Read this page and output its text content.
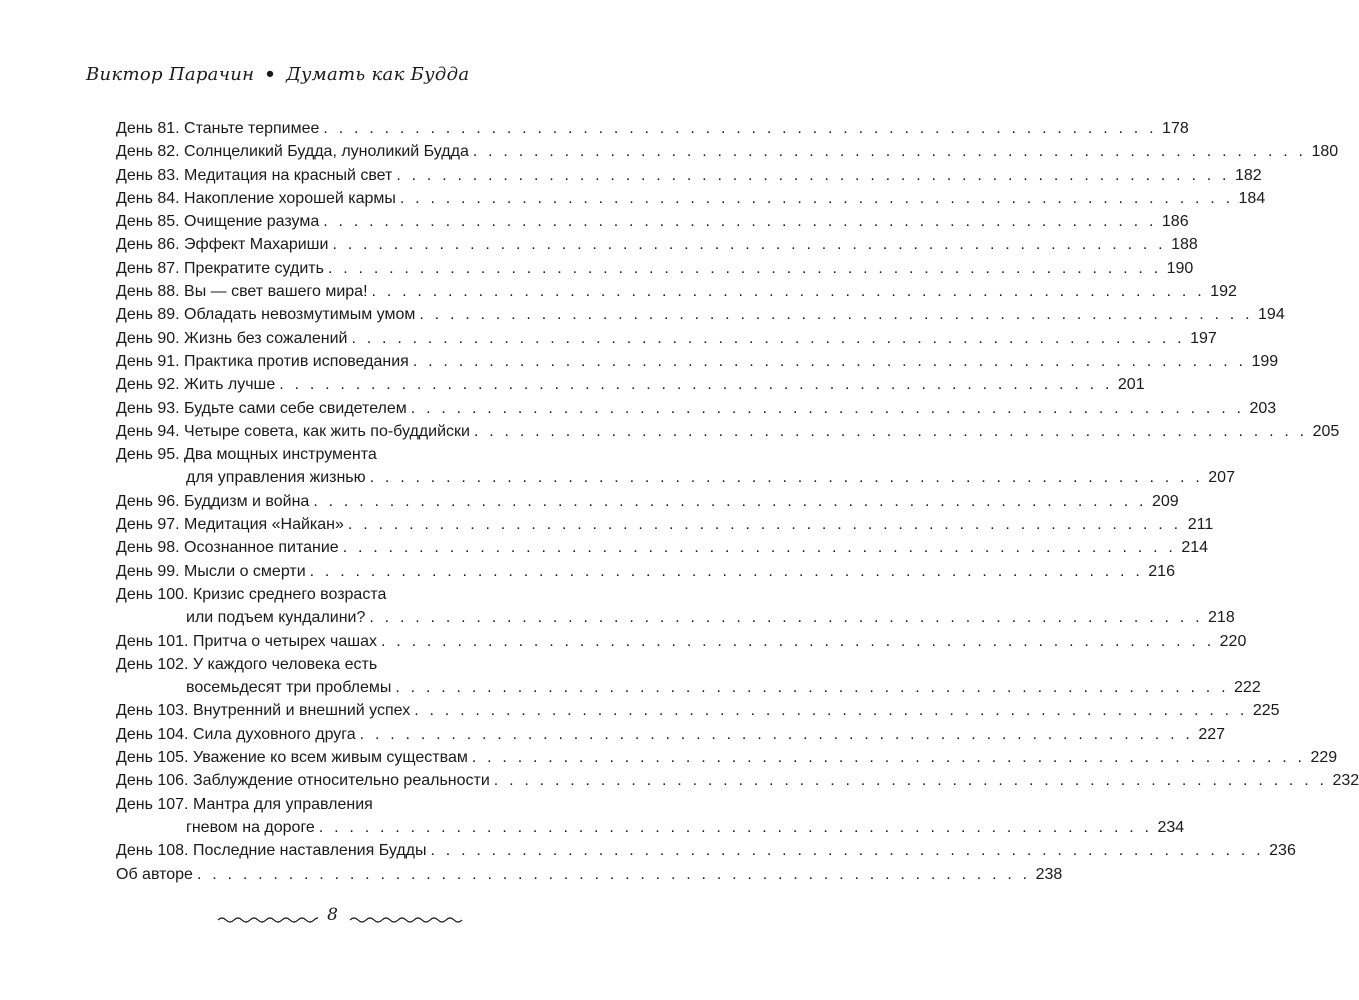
Виктор Парачин • Думать как Будда
День 81. Станьте терпимее . . . . . . . . . . . . . . . . . . . . . . . . . . . . . . . . . . . . . . . . . . . . . . . . . . . . . . . 178
День 82. Солнцеликий Будда, луноликий Будда . . . . . . . . . . . . . . . . . . . . . . . . . . . . . . . . . . . . . . . . . . . . . . . . . . . . . . . 180
День 83. Медитация на красный свет . . . . . . . . . . . . . . . . . . . . . . . . . . . . . . . . . . . . . . . . . . . . . . . . . . . . . . . 182
День 84. Накопление хорошей кармы . . . . . . . . . . . . . . . . . . . . . . . . . . . . . . . . . . . . . . . . . . . . . . . . . . . . . . . 184
День 85. Очищение разума . . . . . . . . . . . . . . . . . . . . . . . . . . . . . . . . . . . . . . . . . . . . . . . . . . . . . . . 186
День 86. Эффект Махариши . . . . . . . . . . . . . . . . . . . . . . . . . . . . . . . . . . . . . . . . . . . . . . . . . . . . . . . 188
День 87. Прекратите судить . . . . . . . . . . . . . . . . . . . . . . . . . . . . . . . . . . . . . . . . . . . . . . . . . . . . . . . 190
День 88. Вы — свет вашего мира! . . . . . . . . . . . . . . . . . . . . . . . . . . . . . . . . . . . . . . . . . . . . . . . . . . . . . . . 192
День 89. Обладать невозмутимым умом . . . . . . . . . . . . . . . . . . . . . . . . . . . . . . . . . . . . . . . . . . . . . . . . . . . . . . . 194
День 90. Жизнь без сожалений . . . . . . . . . . . . . . . . . . . . . . . . . . . . . . . . . . . . . . . . . . . . . . . . . . . . . . . 197
День 91. Практика против исповедания . . . . . . . . . . . . . . . . . . . . . . . . . . . . . . . . . . . . . . . . . . . . . . . . . . . . . . . 199
День 92. Жить лучше . . . . . . . . . . . . . . . . . . . . . . . . . . . . . . . . . . . . . . . . . . . . . . . . . . . . . . . 201
День 93. Будьте сами себе свидетелем . . . . . . . . . . . . . . . . . . . . . . . . . . . . . . . . . . . . . . . . . . . . . . . . . . . . . . . 203
День 94. Четыре совета, как жить по-буддийски . . . . . . . . . . . . . . . . . . . . . . . . . . . . . . . . . . . . . . . . . . . . . . . . . . . . . . . 205
День 95. Два мощных инструмента
для управления жизнью . . . . . . . . . . . . . . . . . . . . . . . . . . . . . . . . . . . . . . . . . . . . . . . . . . . . . . . 207
День 96. Буддизм и война . . . . . . . . . . . . . . . . . . . . . . . . . . . . . . . . . . . . . . . . . . . . . . . . . . . . . . . 209
День 97. Медитация «Найкан» . . . . . . . . . . . . . . . . . . . . . . . . . . . . . . . . . . . . . . . . . . . . . . . . . . . . . . . 211
День 98. Осознанное питание . . . . . . . . . . . . . . . . . . . . . . . . . . . . . . . . . . . . . . . . . . . . . . . . . . . . . . . 214
День 99. Мысли о смерти . . . . . . . . . . . . . . . . . . . . . . . . . . . . . . . . . . . . . . . . . . . . . . . . . . . . . . . 216
День 100. Кризис среднего возраста
или подъем кундалини? . . . . . . . . . . . . . . . . . . . . . . . . . . . . . . . . . . . . . . . . . . . . . . . . . . . . . . . 218
День 101. Притча о четырех чашах . . . . . . . . . . . . . . . . . . . . . . . . . . . . . . . . . . . . . . . . . . . . . . . . . . . . . . . 220
День 102. У каждого человека есть
восемьдесят три проблемы . . . . . . . . . . . . . . . . . . . . . . . . . . . . . . . . . . . . . . . . . . . . . . . . . . . . . . . 222
День 103. Внутренний и внешний успех . . . . . . . . . . . . . . . . . . . . . . . . . . . . . . . . . . . . . . . . . . . . . . . . . . . . . . . 225
День 104. Сила духовного друга . . . . . . . . . . . . . . . . . . . . . . . . . . . . . . . . . . . . . . . . . . . . . . . . . . . . . . . 227
День 105. Уважение ко всем живым существам . . . . . . . . . . . . . . . . . . . . . . . . . . . . . . . . . . . . . . . . . . . . . . . . . . . . . . . 229
День 106. Заблуждение относительно реальности . . . . . . . . . . . . . . . . . . . . . . . . . . . . . . . . . . . . . . . . . . . . . . . . . . . . . . . 232
День 107. Мантра для управления
гневом на дороге . . . . . . . . . . . . . . . . . . . . . . . . . . . . . . . . . . . . . . . . . . . . . . . . . . . . . . . 234
День 108. Последние наставления Будды . . . . . . . . . . . . . . . . . . . . . . . . . . . . . . . . . . . . . . . . . . . . . . . . . . . . . . . 236
Об авторе . . . . . . . . . . . . . . . . . . . . . . . . . . . . . . . . . . . . . . . . . . . . . . . . . . . . . . . 238
8
